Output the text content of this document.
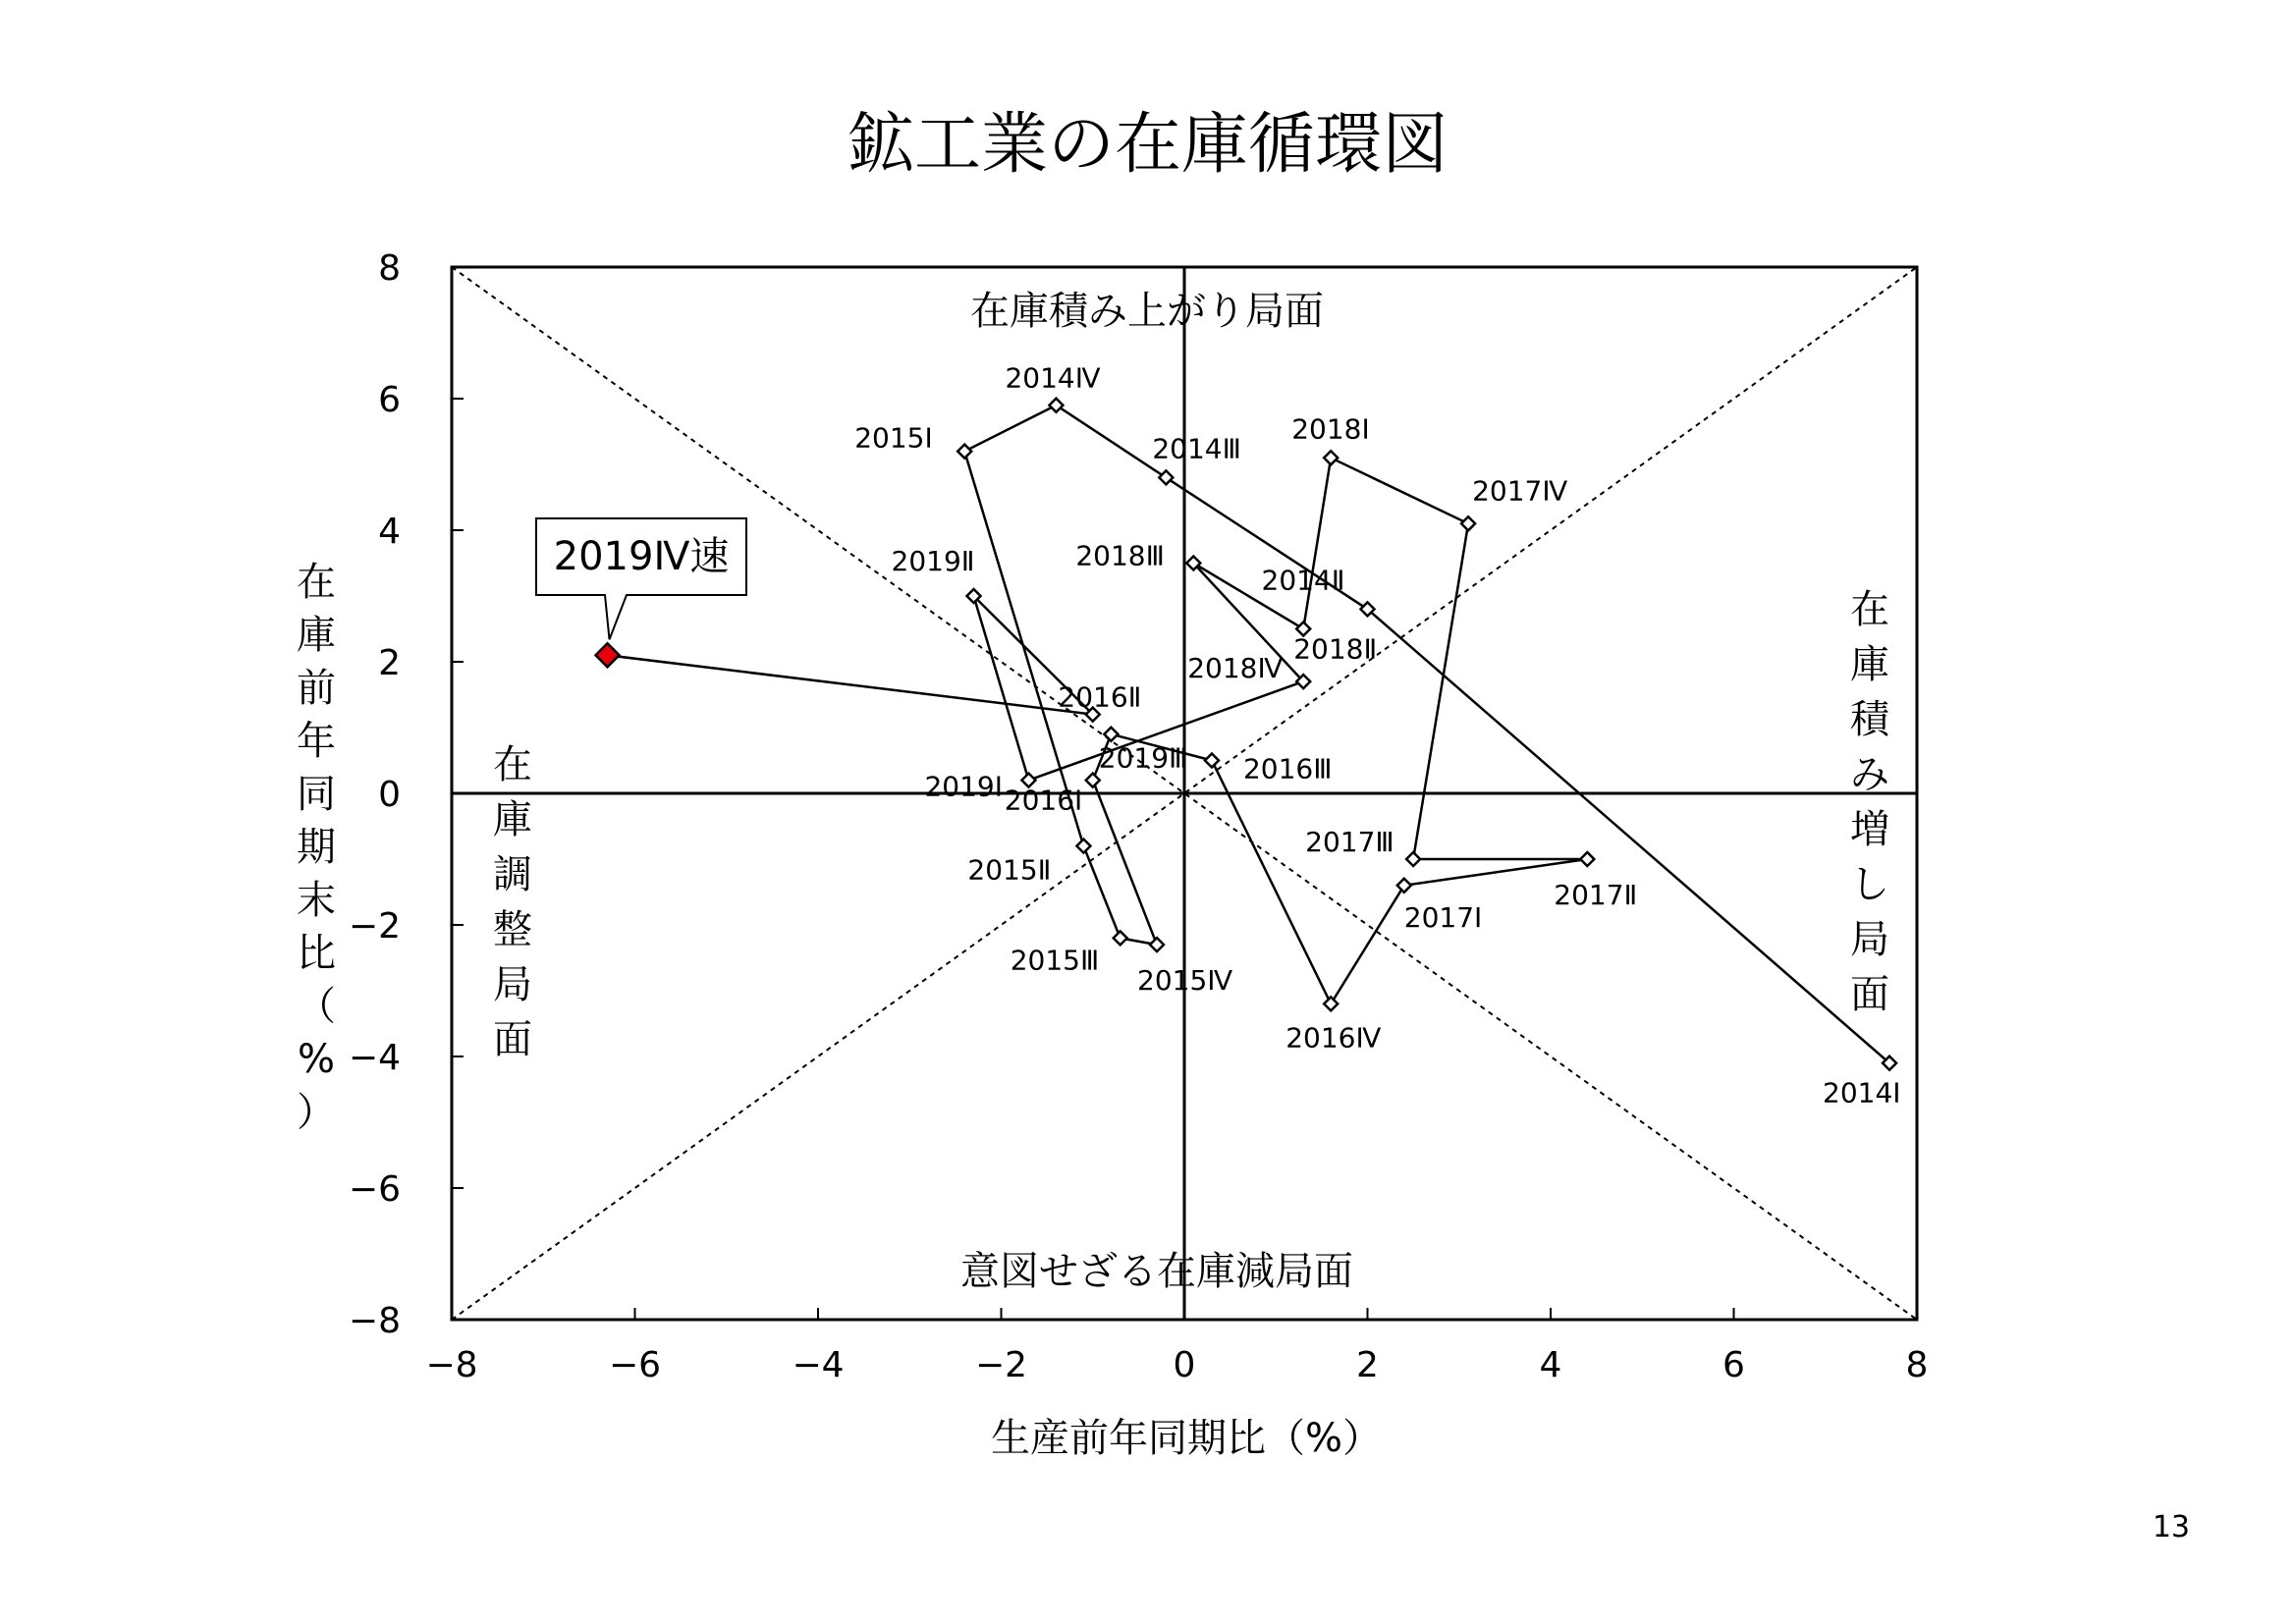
鉱工業の在庫循環図
−8	−6	−4	−2	0	2	4	6	8
−8
−6
−4
−2
0
2
4
6
8
在庫積み上がり局面
意図せざる在庫減局面
在庫調整局面
在庫積み増し局面
在庫前年同期末比（%）
生産前年同期比（%）
2014Ⅰ
2014Ⅱ
2014Ⅲ
2014Ⅳ
2015Ⅰ
2015Ⅱ
2015Ⅲ
2015Ⅳ
2016Ⅰ
2016Ⅱ
2016Ⅲ
2016Ⅳ
2017Ⅰ
2017Ⅱ
2017Ⅲ
2017Ⅳ
2018Ⅰ
2018Ⅱ
2018Ⅲ
2018Ⅳ
2019Ⅰ
2019Ⅱ
2019Ⅲ
2019Ⅳ速
13
